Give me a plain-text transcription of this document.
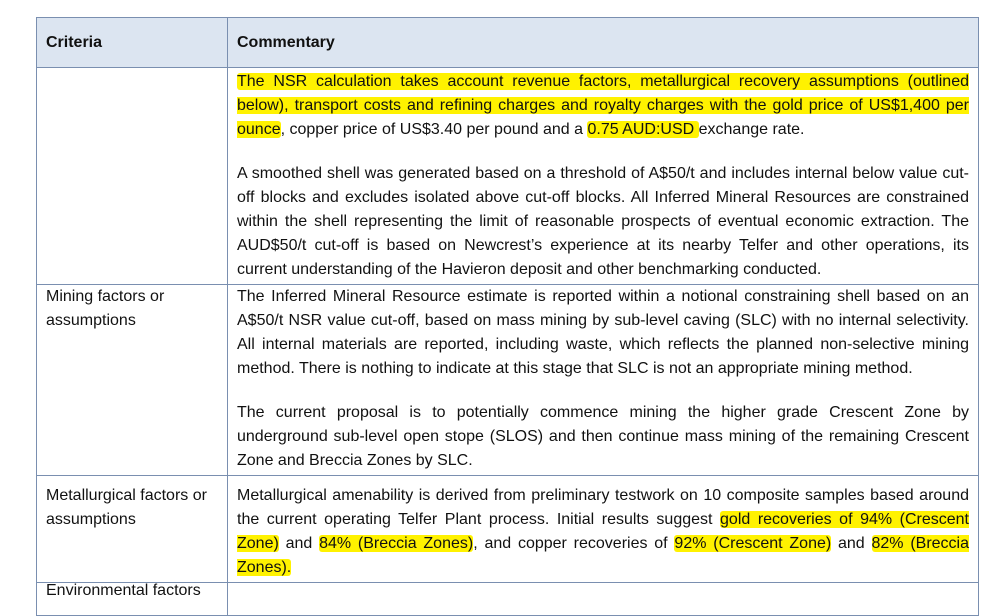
Criteria	Commentary

	The NSR calculation takes account revenue factors, metallurgical recovery assumptions (outlined below), transport costs and refining charges and royalty charges with the gold price of US$1,400 per ounce, copper price of US$3.40 per pound and a 0.75 AUD:USD exchange rate.

A smoothed shell was generated based on a threshold of A$50/t and includes internal below value cut-off blocks and excludes isolated above cut-off blocks. All Inferred Mineral Resources are constrained within the shell representing the limit of reasonable prospects of eventual economic extraction. The AUD$50/t cut-off is based on Newcrest’s experience at its nearby Telfer and other operations, its current understanding of the Havieron deposit and other benchmarking conducted.

Mining factors or assumptions	The Inferred Mineral Resource estimate is reported within a notional constraining shell based on an A$50/t NSR value cut-off, based on mass mining by sub-level caving (SLC) with no internal selectivity. All internal materials are reported, including waste, which reflects the planned non-selective mining method. There is nothing to indicate at this stage that SLC is not an appropriate mining method.

The current proposal is to potentially commence mining the higher grade Crescent Zone by underground sub-level open stope (SLOS) and then continue mass mining of the remaining Crescent Zone and Breccia Zones by SLC.

Metallurgical factors or assumptions	Metallurgical amenability is derived from preliminary testwork on 10 composite samples based around the current operating Telfer Plant process. Initial results suggest gold recoveries of 94% (Crescent Zone) and 84% (Breccia Zones), and copper recoveries of 92% (Crescent Zone) and 82% (Breccia Zones).

Environmental factors	
